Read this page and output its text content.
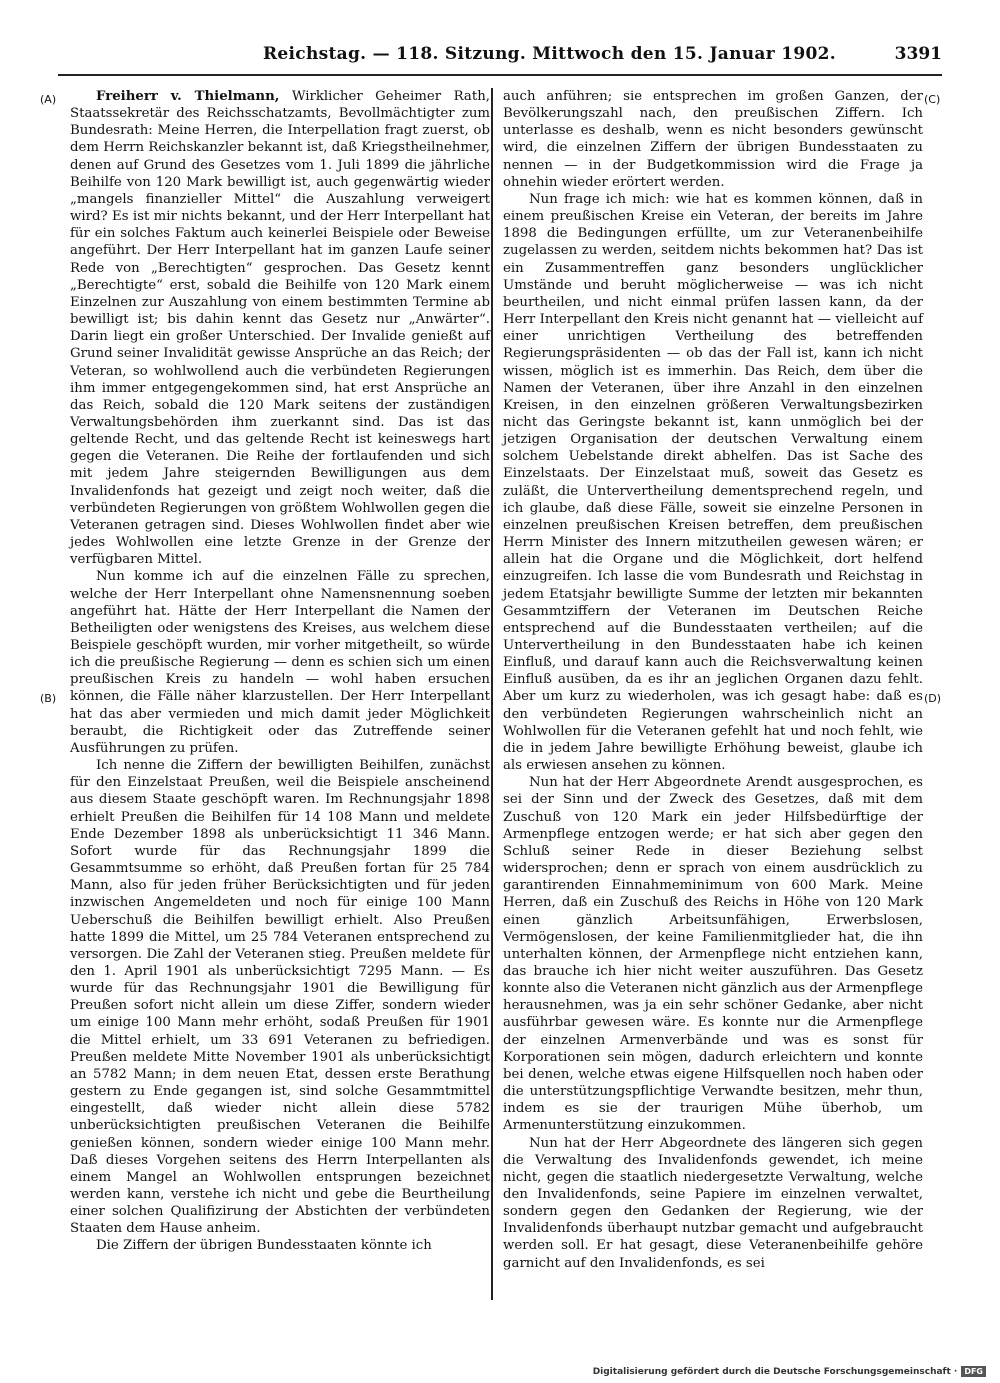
Reichstag. — 118. Sitzung. Mittwoch den 15. Januar 1902.	3391
(A)
(B)
(C)
(D)

Freiherr v. Thielmann, Wirklicher Geheimer Rath, Staatssekretär des Reichsschatzamts, Bevollmächtigter zum Bundesrath: Meine Herren, die Interpellation fragt zuerst, ob dem Herrn Reichskanzler bekannt ist, daß Kriegstheilnehmer, denen auf Grund des Gesetzes vom 1. Juli 1899 die jährliche Beihilfe von 120 Mark bewilligt ist, auch gegenwärtig wieder „mangels finanzieller Mittel“ die Auszahlung verweigert wird? Es ist mir nichts bekannt, und der Herr Interpellant hat für ein solches Faktum auch keinerlei Beispiele oder Beweise angeführt. Der Herr Interpellant hat im ganzen Laufe seiner Rede von „Berechtigten“ gesprochen. Das Gesetz kennt „Berechtigte“ erst, sobald die Beihilfe von 120 Mark einem Einzelnen zur Auszahlung von einem bestimmten Termine ab bewilligt ist; bis dahin kennt das Gesetz nur „Anwärter“. Darin liegt ein großer Unterschied. Der Invalide genießt auf Grund seiner Invalidität gewisse Ansprüche an das Reich; der Veteran, so wohlwollend auch die verbündeten Regierungen ihm immer entgegengekommen sind, hat erst Ansprüche an das Reich, sobald die 120 Mark seitens der zuständigen Verwaltungsbehörden ihm zuerkannt sind. Das ist das geltende Recht, und das geltende Recht ist keineswegs hart gegen die Veteranen. Die Reihe der fortlaufenden und sich mit jedem Jahre steigernden Bewilligungen aus dem Invalidenfonds hat gezeigt und zeigt noch weiter, daß die verbündeten Regierungen von größtem Wohlwollen gegen die Veteranen getragen sind. Dieses Wohlwollen findet aber wie jedes Wohlwollen eine letzte Grenze in der Grenze der verfügbaren Mittel.

Nun komme ich auf die einzelnen Fälle zu sprechen, welche der Herr Interpellant ohne Namensnennung soeben angeführt hat. Hätte der Herr Interpellant die Namen der Betheiligten oder wenigstens des Kreises, aus welchem diese Beispiele geschöpft wurden, mir vorher mitgetheilt, so würde ich die preußische Regierung — denn es schien sich um einen preußischen Kreis zu handeln — wohl haben ersuchen können, die Fälle näher klarzustellen. Der Herr Interpellant hat das aber vermieden und mich damit jeder Möglichkeit beraubt, die Richtigkeit oder das Zutreffende seiner Ausführungen zu prüfen.

Ich nenne die Ziffern der bewilligten Beihilfen, zunächst für den Einzelstaat Preußen, weil die Beispiele anscheinend aus diesem Staate geschöpft waren. Im Rechnungsjahr 1898 erhielt Preußen die Beihilfen für 14 108 Mann und meldete Ende Dezember 1898 als unberücksichtigt 11 346 Mann. Sofort wurde für das Rechnungsjahr 1899 die Gesammtsumme so erhöht, daß Preußen fortan für 25 784 Mann, also für jeden früher Berücksichtigten und für jeden inzwischen Angemeldeten und noch für einige 100 Mann Ueberschuß die Beihilfen bewilligt erhielt. Also Preußen hatte 1899 die Mittel, um 25 784 Veteranen entsprechend zu versorgen. Die Zahl der Veteranen stieg. Preußen meldete für den 1. April 1901 als unberücksichtigt 7295 Mann. — Es wurde für das Rechnungsjahr 1901 die Bewilligung für Preußen sofort nicht allein um diese Ziffer, sondern wieder um einige 100 Mann mehr erhöht, sodaß Preußen für 1901 die Mittel erhielt, um 33 691 Veteranen zu befriedigen. Preußen meldete Mitte November 1901 als unberücksichtigt an 5782 Mann; in dem neuen Etat, dessen erste Berathung gestern zu Ende gegangen ist, sind solche Gesammtmittel eingestellt, daß wieder nicht allein diese 5782 unberücksichtigten preußischen Veteranen die Beihilfe genießen können, sondern wieder einige 100 Mann mehr. Daß dieses Vorgehen seitens des Herrn Interpellanten als einem Mangel an Wohlwollen entsprungen bezeichnet werden kann, verstehe ich nicht und gebe die Beurtheilung einer solchen Qualifizirung der Abstichten der verbündeten Staaten dem Hause anheim.

Die Ziffern der übrigen Bundesstaaten könnte ich

auch anführen; sie entsprechen im großen Ganzen, der Bevölkerungszahl nach, den preußischen Ziffern. Ich unterlasse es deshalb, wenn es nicht besonders gewünscht wird, die einzelnen Ziffern der übrigen Bundesstaaten zu nennen — in der Budgetkommission wird die Frage ja ohnehin wieder erörtert werden.

Nun frage ich mich: wie hat es kommen können, daß in einem preußischen Kreise ein Veteran, der bereits im Jahre 1898 die Bedingungen erfüllte, um zur Veteranenbeihilfe zugelassen zu werden, seitdem nichts bekommen hat? Das ist ein Zusammentreffen ganz besonders unglücklicher Umstände und beruht möglicherweise — was ich nicht beurtheilen, und nicht einmal prüfen lassen kann, da der Herr Interpellant den Kreis nicht genannt hat — vielleicht auf einer unrichtigen Vertheilung des betreffenden Regierungspräsidenten — ob das der Fall ist, kann ich nicht wissen, möglich ist es immerhin. Das Reich, dem über die Namen der Veteranen, über ihre Anzahl in den einzelnen Kreisen, in den einzelnen größeren Verwaltungsbezirken nicht das Geringste bekannt ist, kann unmöglich bei der jetzigen Organisation der deutschen Verwaltung einem solchem Uebelstande direkt abhelfen. Das ist Sache des Einzelstaats. Der Einzelstaat muß, soweit das Gesetz es zuläßt, die Untervertheilung dementsprechend regeln, und ich glaube, daß diese Fälle, soweit sie einzelne Personen in einzelnen preußischen Kreisen betreffen, dem preußischen Herrn Minister des Innern mitzutheilen gewesen wären; er allein hat die Organe und die Möglichkeit, dort helfend einzugreifen. Ich lasse die vom Bundesrath und Reichstag in jedem Etatsjahr bewilligte Summe der letzten mir bekannten Gesammtziffern der Veteranen im Deutschen Reiche entsprechend auf die Bundesstaaten vertheilen; auf die Untervertheilung in den Bundesstaaten habe ich keinen Einfluß, und darauf kann auch die Reichsverwaltung keinen Einfluß ausüben, da es ihr an jeglichen Organen dazu fehlt. Aber um kurz zu wiederholen, was ich gesagt habe: daß es den verbündeten Regierungen wahrscheinlich nicht an Wohlwollen für die Veteranen gefehlt hat und noch fehlt, wie die in jedem Jahre bewilligte Erhöhung beweist, glaube ich als erwiesen ansehen zu können.

Nun hat der Herr Abgeordnete Arendt ausgesprochen, es sei der Sinn und der Zweck des Gesetzes, daß mit dem Zuschuß von 120 Mark ein jeder Hilfsbedürftige der Armenpflege entzogen werde; er hat sich aber gegen den Schluß seiner Rede in dieser Beziehung selbst widersprochen; denn er sprach von einem ausdrücklich zu garantirenden Einnahmeminimum von 600 Mark. Meine Herren, daß ein Zuschuß des Reichs in Höhe von 120 Mark einen gänzlich Arbeitsunfähigen, Erwerbslosen, Vermögenslosen, der keine Familienmitglieder hat, die ihn unterhalten können, der Armenpflege nicht entziehen kann, das brauche ich hier nicht weiter auszuführen. Das Gesetz konnte also die Veteranen nicht gänzlich aus der Armenpflege herausnehmen, was ja ein sehr schöner Gedanke, aber nicht ausführbar gewesen wäre. Es konnte nur die Armenpflege der einzelnen Armenverbände und was es sonst für Korporationen sein mögen, dadurch erleichtern und konnte bei denen, welche etwas eigene Hilfsquellen noch haben oder die unterstützungspflichtige Verwandte besitzen, mehr thun, indem es sie der traurigen Mühe überhob, um Armenunterstützung einzukommen.

Nun hat der Herr Abgeordnete des längeren sich gegen die Verwaltung des Invalidenfonds gewendet, ich meine nicht, gegen die staatlich niedergesetzte Verwaltung, welche den Invalidenfonds, seine Papiere im einzelnen verwaltet, sondern gegen den Gedanken der Regierung, wie der Invalidenfonds überhaupt nutzbar gemacht und aufgebraucht werden soll. Er hat gesagt, diese Veteranenbeihilfe gehöre garnicht auf den Invalidenfonds, es sei

Digitalisierung gefördert durch die Deutsche Forschungsgemeinschaft · DFG
